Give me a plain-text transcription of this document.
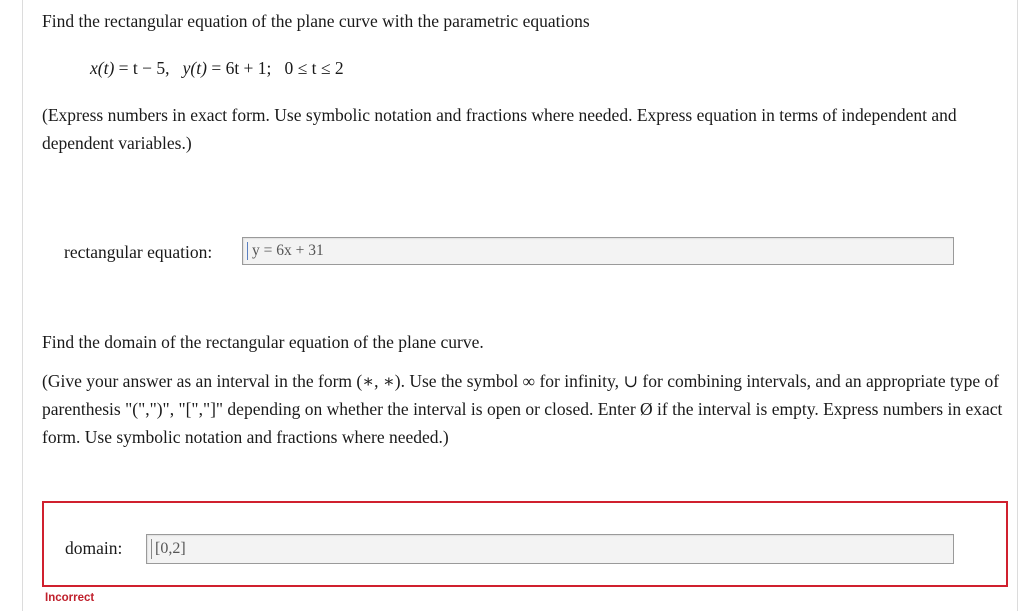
Find the rectangular equation of the plane curve with the parametric equations
x(t) = t − 5, y(t) = 6t + 1; 0 ≤ t ≤ 2
(Express numbers in exact form. Use symbolic notation and fractions where needed. Express equation in terms of independent and dependent variables.)
rectangular equation:	y = 6x + 31
Find the domain of the rectangular equation of the plane curve.
(Give your answer as an interval in the form (∗, ∗). Use the symbol ∞ for infinity, ∪ for combining intervals, and an appropriate type of parenthesis "(",")", "[","]" depending on whether the interval is open or closed. Enter Ø if the interval is empty. Express numbers in exact form. Use symbolic notation and fractions where needed.)
domain: [0,2]
Incorrect
